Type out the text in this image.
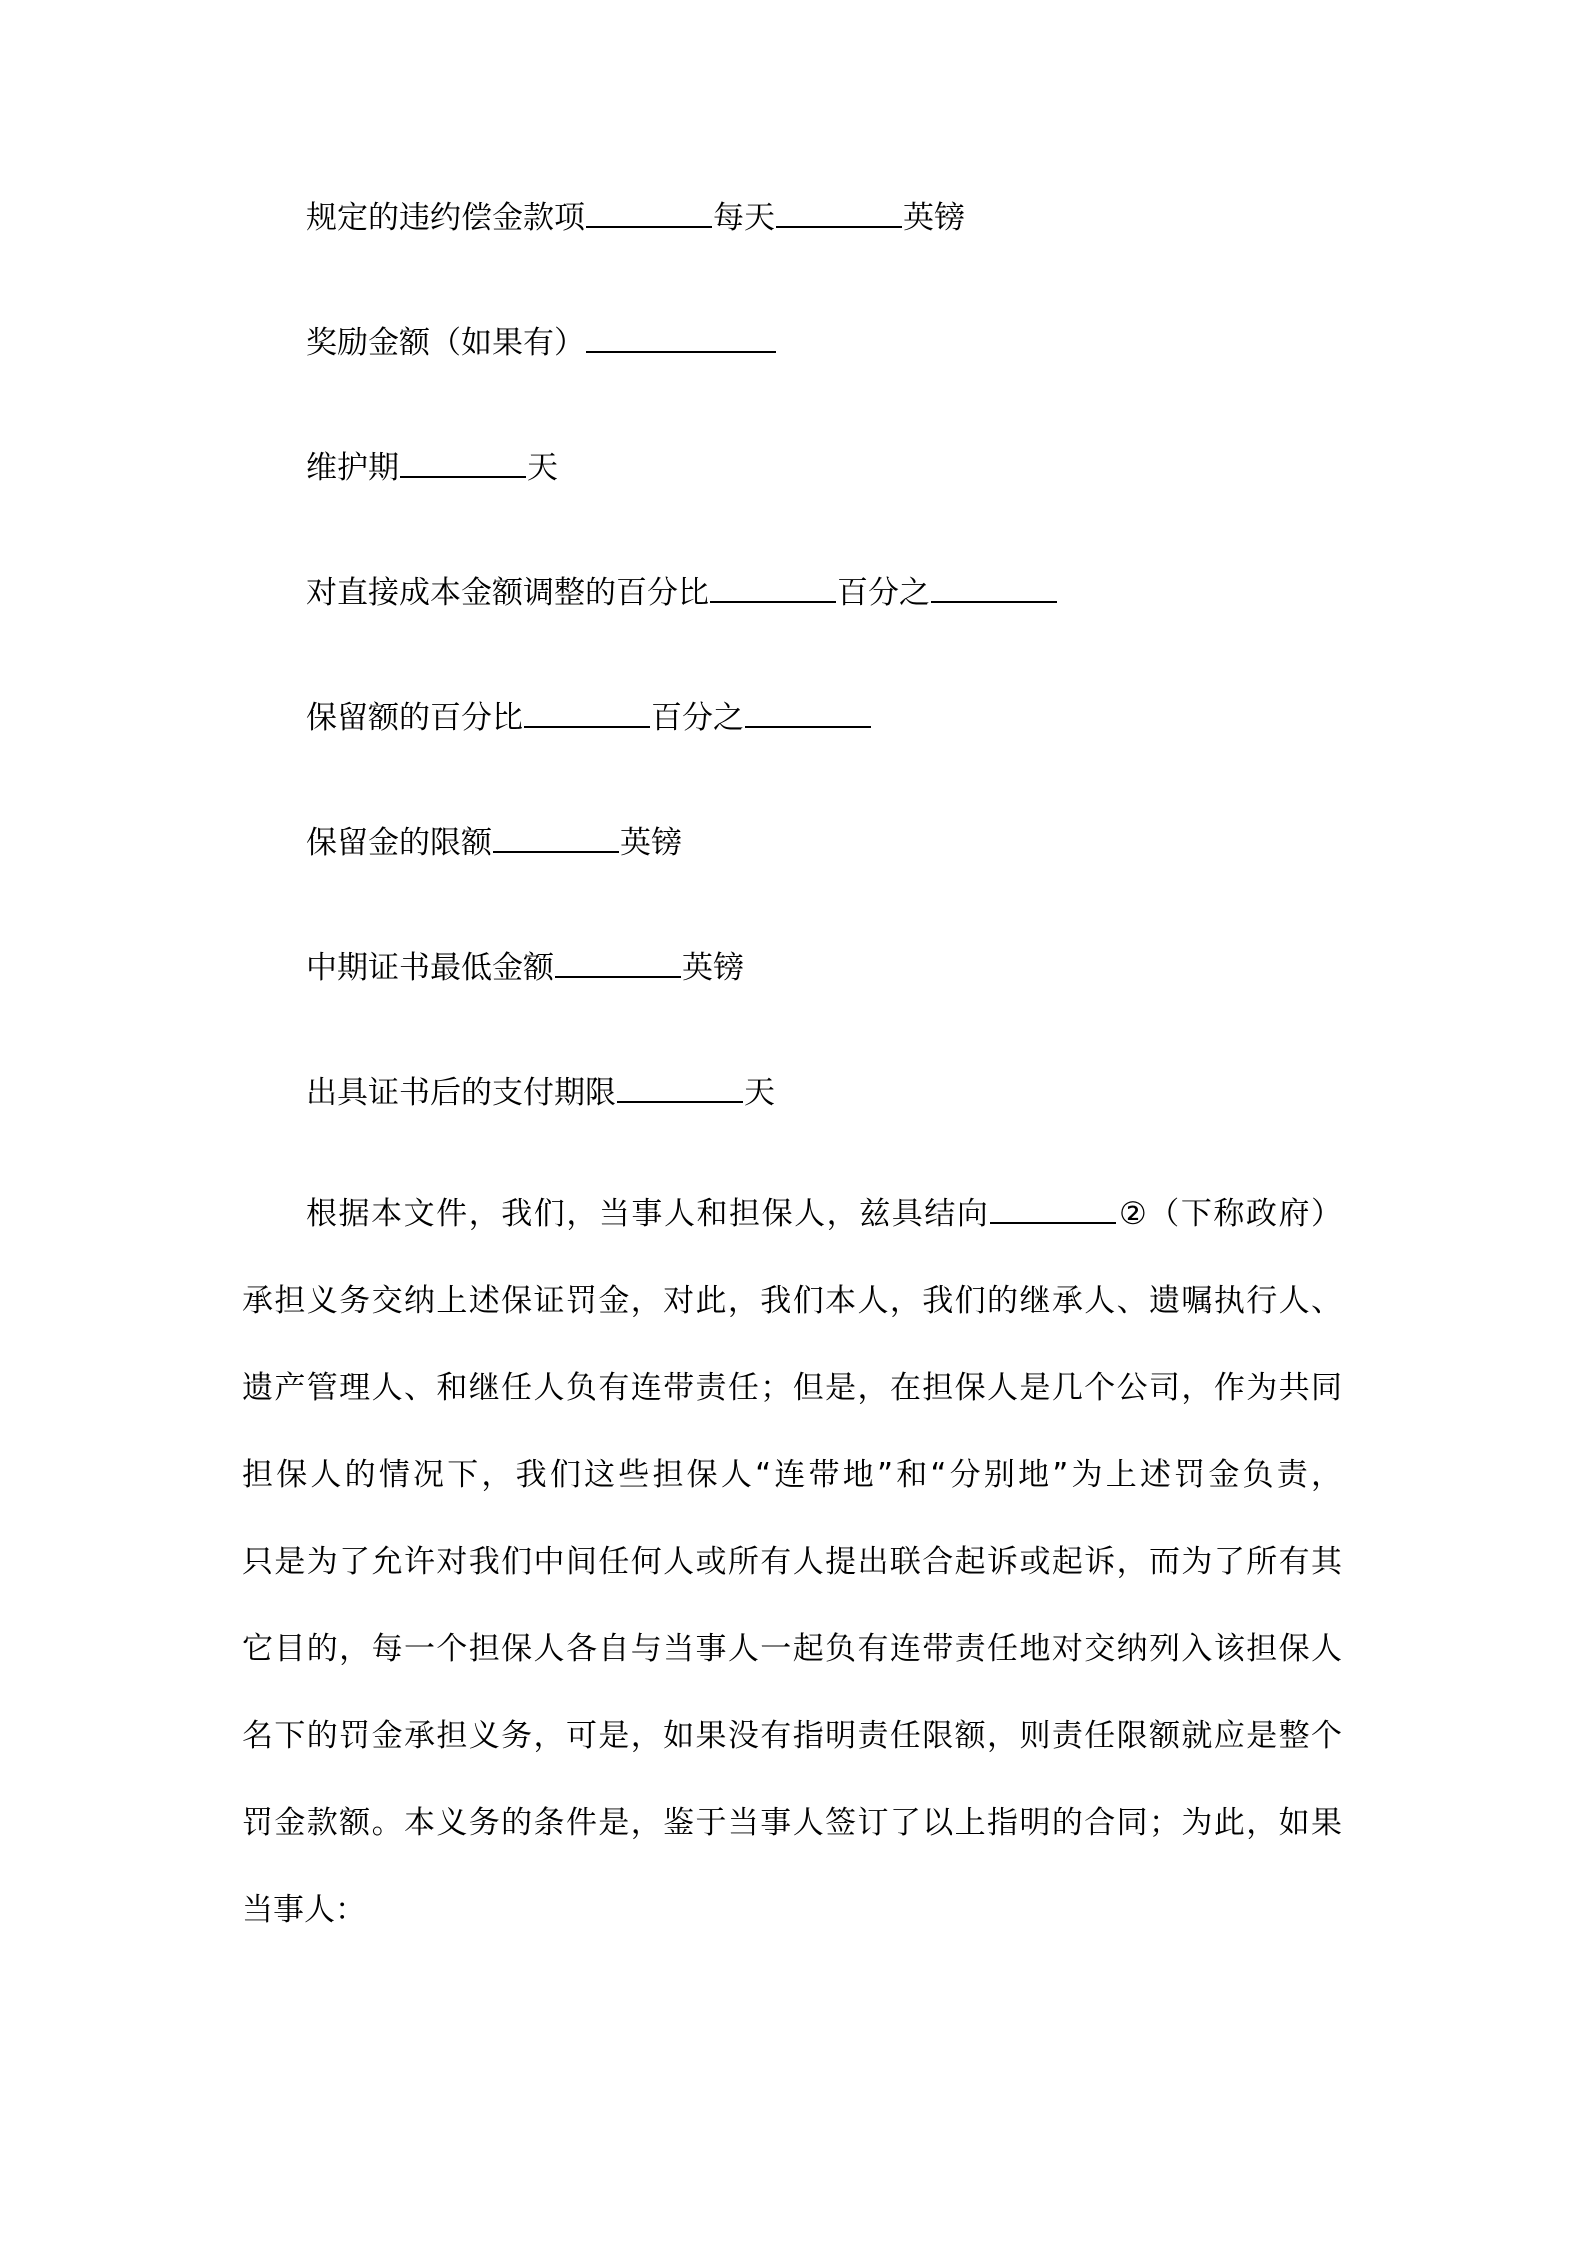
规定的违约偿金款项	每天	英镑
奖励金额（如果有）
维护期	天
对直接成本金额调整的百分比	百分之
保留额的百分比	百分之
保留金的限额	英镑
中期证书最低金额	英镑
出具证书后的支付期限	天
根据本文件，我们，当事人和担保人，兹具结向	②（下称政府）
承担义务交纳上述保证罚金，对此，我们本人，我们的继承人、遗嘱执行人、
遗产管理人、和继任人负有连带责任；但是，在担保人是几个公司，作为共同
担保人的情况下，我们这些担保人“连带地”和“分别地”为上述罚金负责，
只是为了允许对我们中间任何人或所有人提出联合起诉或起诉，而为了所有其
它目的，每一个担保人各自与当事人一起负有连带责任地对交纳列入该担保人
名下的罚金承担义务，可是，如果没有指明责任限额，则责任限额就应是整个
罚金款额。本义务的条件是，鉴于当事人签订了以上指明的合同；为此，如果
当事人：
